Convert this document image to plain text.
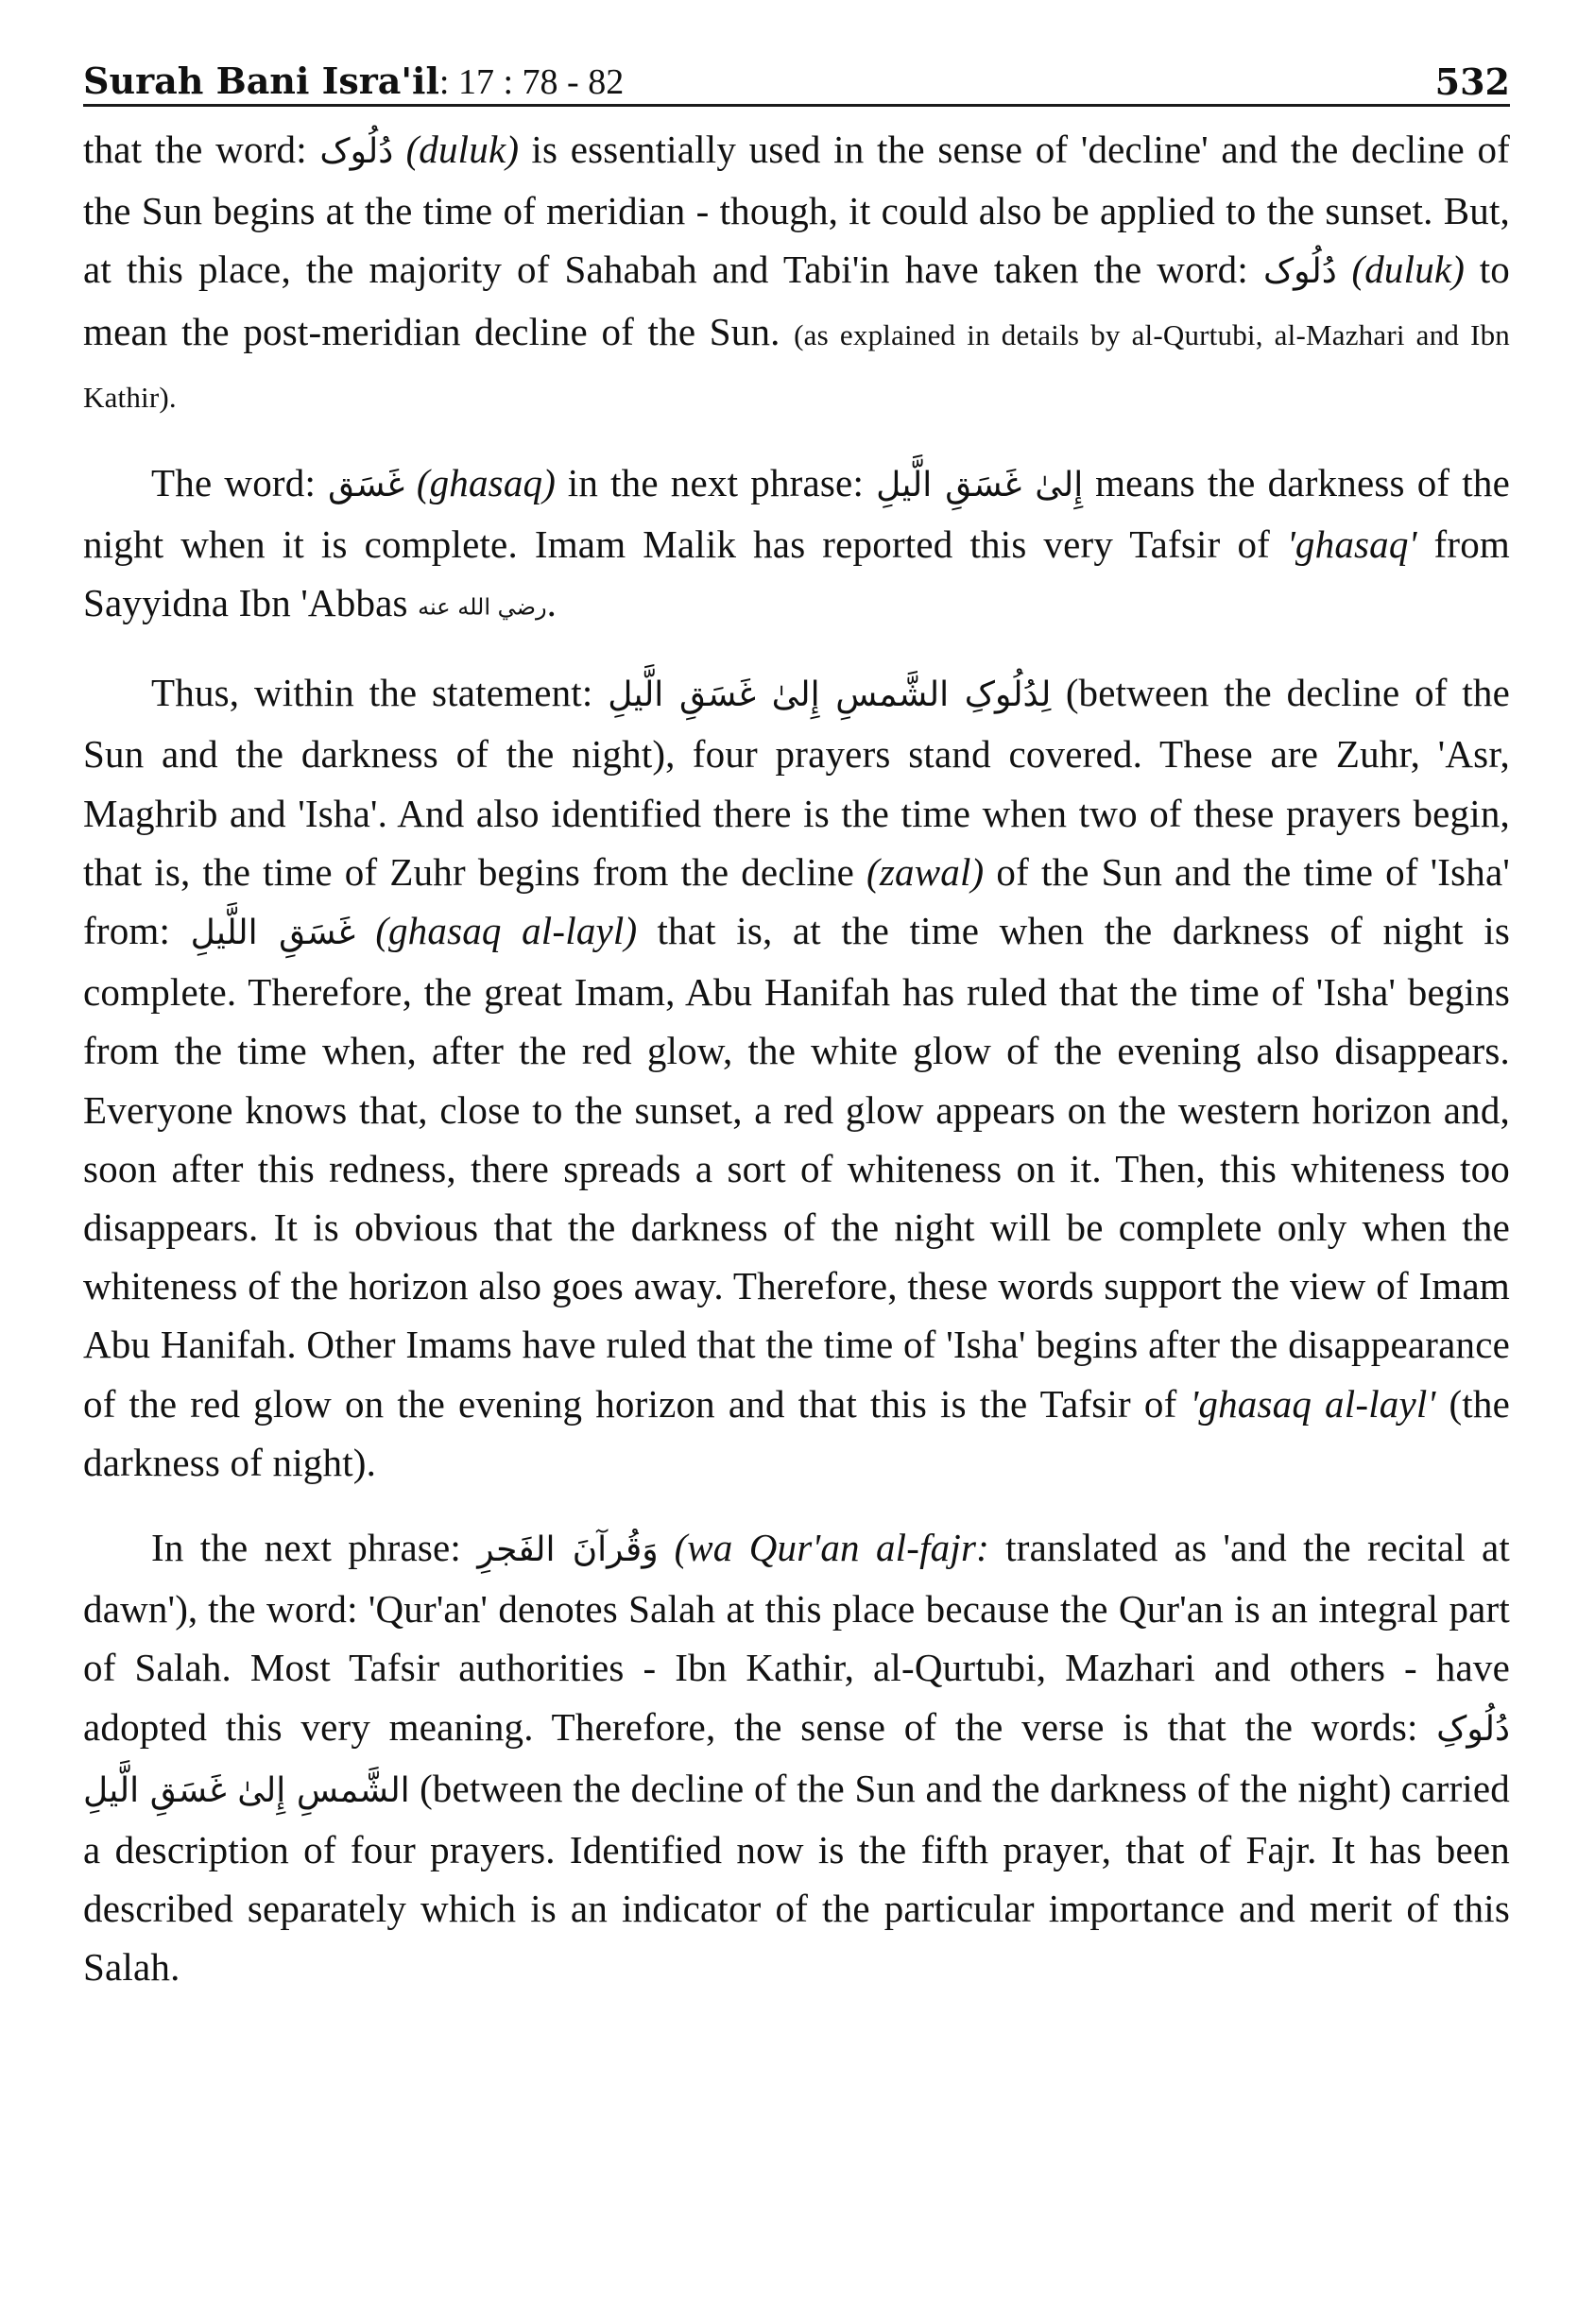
Surah Bani Isra'il: 17 : 78 - 82	532

that the word: دُلُوک (duluk) is essentially used in the sense of 'decline' and the decline of the Sun begins at the time of meridian - though, it could also be applied to the sunset. But, at this place, the majority of Sahabah and Tabi'in have taken the word: دُلُوک (duluk) to mean the post-meridian decline of the Sun. (as explained in details by al-Qurtubi, al-Mazhari and Ibn Kathir).

The word: غَسَق (ghasaq) in the next phrase: إِلىٰ غَسَقِ الَّیلِ means the darkness of the night when it is complete. Imam Malik has reported this very Tafsir of 'ghasaq' from Sayyidna Ibn 'Abbas رضي الله عنه.

Thus, within the statement: لِدُلُوکِ الشَّمسِ إِلىٰ غَسَقِ الَّیلِ (between the decline of the Sun and the darkness of the night), four prayers stand covered. These are Zuhr, 'Asr, Maghrib and 'Isha'. And also identified there is the time when two of these prayers begin, that is, the time of Zuhr begins from the decline (zawal) of the Sun and the time of 'Isha' from: غَسَقِ اللَّیلِ (ghasaq al-layl) that is, at the time when the darkness of night is complete. Therefore, the great Imam, Abu Hanifah has ruled that the time of 'Isha' begins from the time when, after the red glow, the white glow of the evening also disappears. Everyone knows that, close to the sunset, a red glow appears on the western horizon and, soon after this redness, there spreads a sort of whiteness on it. Then, this whiteness too disappears. It is obvious that the darkness of the night will be complete only when the whiteness of the horizon also goes away. Therefore, these words support the view of Imam Abu Hanifah. Other Imams have ruled that the time of 'Isha' begins after the disappearance of the red glow on the evening horizon and that this is the Tafsir of 'ghasaq al-layl' (the darkness of night).

In the next phrase: وَقُرآنَ الفَجرِ (wa Qur'an al-fajr: translated as 'and the recital at dawn'), the word: 'Qur'an' denotes Salah at this place because the Qur'an is an integral part of Salah. Most Tafsir authorities - Ibn Kathir, al-Qurtubi, Mazhari and others - have adopted this very meaning. Therefore, the sense of the verse is that the words: دُلُوکِ الشَّمسِ إِلىٰ غَسَقِ الَّیلِ (between the decline of the Sun and the darkness of the night) carried a description of four prayers. Identified now is the fifth prayer, that of Fajr. It has been described separately which is an indicator of the particular importance and merit of this Salah.
